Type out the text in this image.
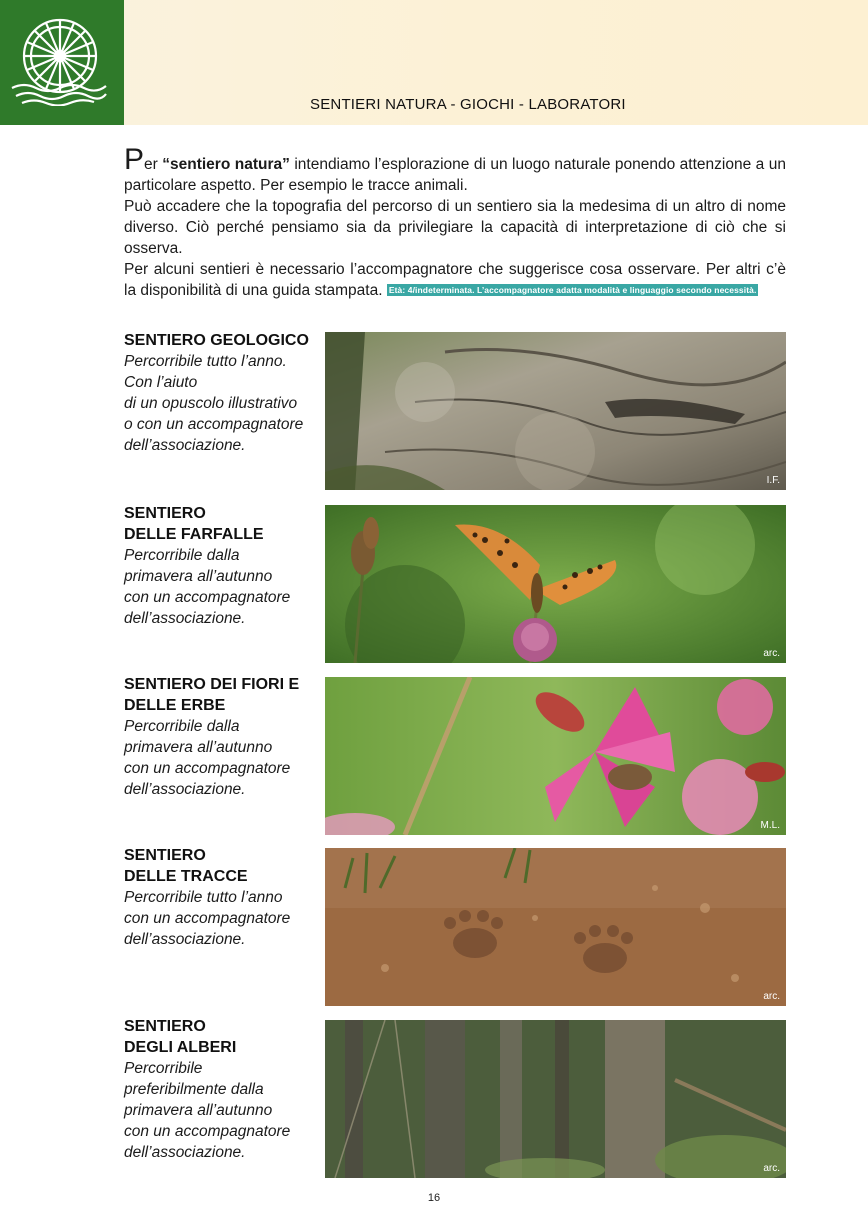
SENTIERI NATURA - GIOCHI - LABORATORI

Per “sentiero natura” intendiamo l’esplorazione di un luogo naturale ponendo attenzione a un particolare aspetto. Per esempio le tracce animali.

Può accadere che la topografia del percorso di un sentiero sia la medesima di un altro di nome diverso. Ciò perché pensiamo sia da privilegiare la capacità di interpretazione di ciò che si osserva.

Per alcuni sentieri è necessario l’accompagnatore che suggerisce cosa osservare. Per altri c’è la disponibilità di una guida stampata. Età: 4/indeterminata. L’accompagnatore adatta modalità e linguaggio secondo necessità.

SENTIERO GEOLOGICO

Percorribile tutto l’anno.
Con l’aiuto
di un opuscolo illustrativo
o con un accompagnatore
dell’associazione.

I.F.

SENTIERO
DELLE FARFALLE

Percorribile dalla
primavera all’autunno
con un accompagnatore
dell’associazione.

arc.

SENTIERO DEI FIORI E
DELLE ERBE

Percorribile dalla
primavera all’autunno
con un accompagnatore
dell’associazione.

M.L.

SENTIERO
DELLE TRACCE

Percorribile tutto l’anno
con un accompagnatore
dell’associazione.

arc.

SENTIERO
DEGLI ALBERI

Percorribile
preferibilmente dalla
primavera all’autunno
con un accompagnatore
dell’associazione.

arc.
16
